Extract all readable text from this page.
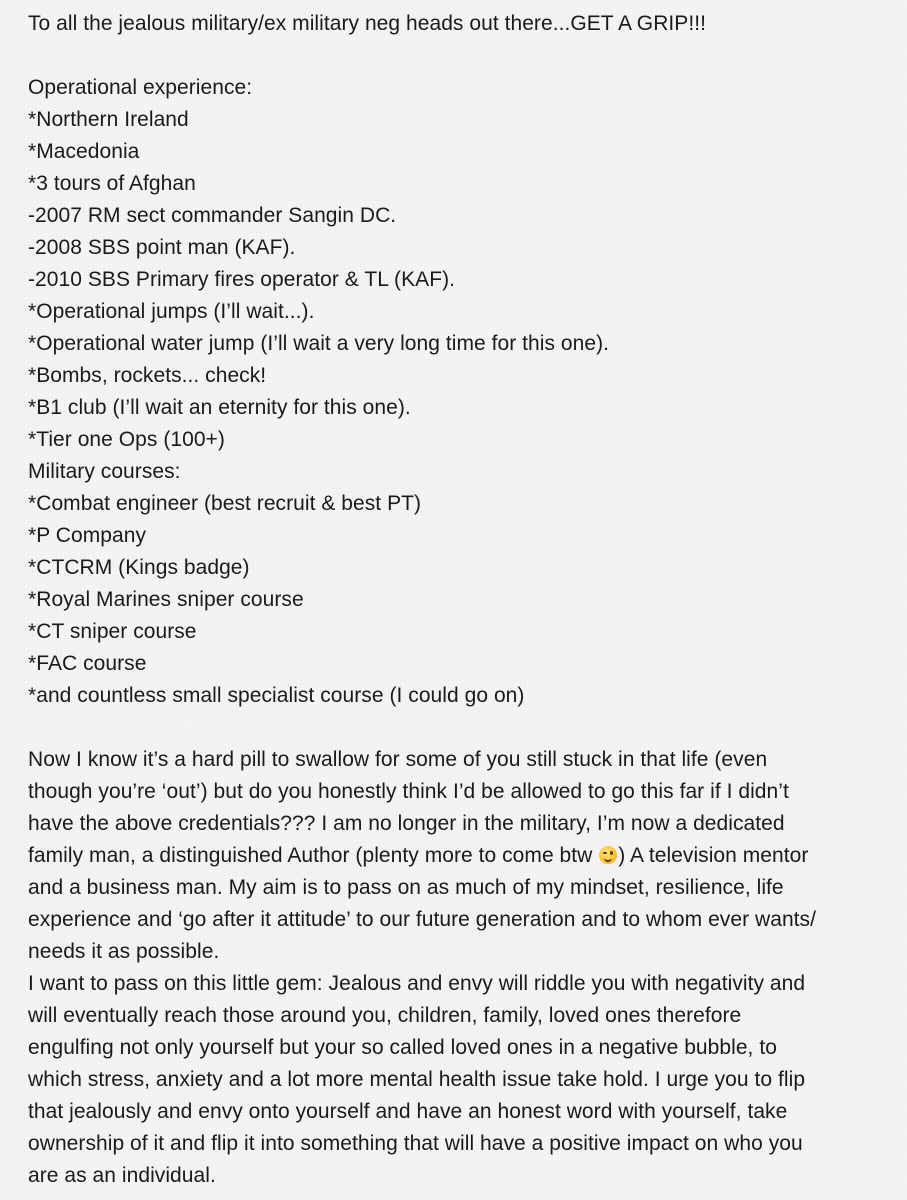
To all the jealous military/ex military neg heads out there...GET A GRIP!!!
Operational experience:
*Northern Ireland
*Macedonia
*3 tours of Afghan
-2007 RM sect commander Sangin DC.
-2008 SBS point man (KAF).
-2010 SBS Primary fires operator & TL (KAF).
*Operational jumps (I’ll wait...).
*Operational water jump (I’ll wait a very long time for this one).
*Bombs, rockets... check!
*B1 club (I’ll wait an eternity for this one).
*Tier one Ops (100+)
Military courses:
*Combat engineer (best recruit & best PT)
*P Company
*CTCRM (Kings badge)
*Royal Marines sniper course
*CT sniper course
*FAC course
*and countless small specialist course (I could go on)
Now I know it’s a hard pill to swallow for some of you still stuck in that life (even
though you’re ‘out’) but do you honestly think I’d be allowed to go this far if I didn’t
have the above credentials??? I am no longer in the military, I’m now a dedicated
family man, a distinguished Author (plenty more to come btw
) A television mentor
and a business man. My aim is to pass on as much of my mindset, resilience, life
experience and ‘go after it attitude’ to our future generation and to whom ever wants/
needs it as possible.
I want to pass on this little gem: Jealous and envy will riddle you with negativity and
will eventually reach those around you, children, family, loved ones therefore
engulfing not only yourself but your so called loved ones in a negative bubble, to
which stress, anxiety and a lot more mental health issue take hold. I urge you to flip
that jealously and envy onto yourself and have an honest word with yourself, take
ownership of it and flip it into something that will have a positive impact on who you
are as an individual.
